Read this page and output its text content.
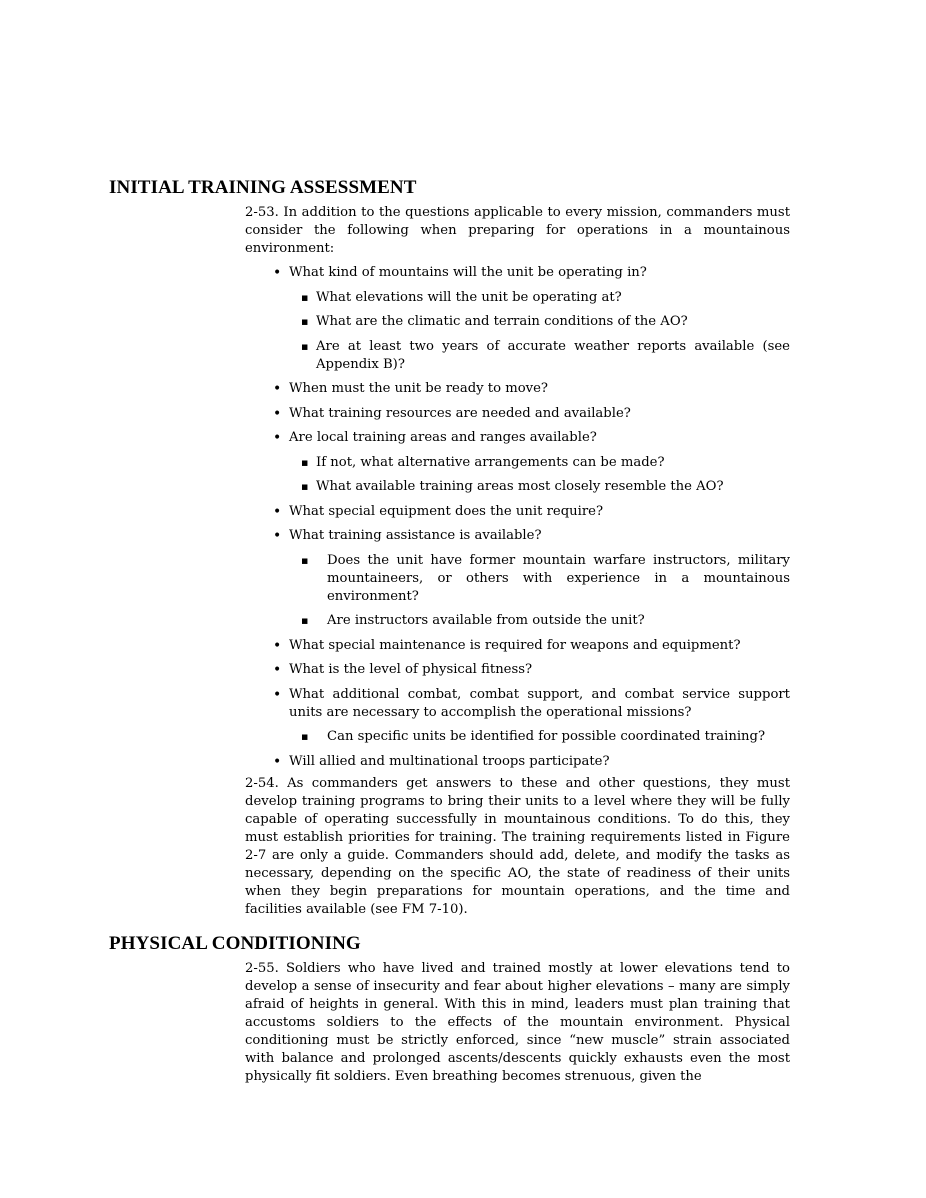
INITIAL TRAINING ASSESSMENT

2-53. In addition to the questions applicable to every mission, commanders must consider the following when preparing for operations in a mountainous environment:

• What kind of mountains will the unit be operating in?
▪ What elevations will the unit be operating at?
▪ What are the climatic and terrain conditions of the AO?
▪ Are at least two years of accurate weather reports available (see Appendix B)?
• When must the unit be ready to move?
• What training resources are needed and available?
• Are local training areas and ranges available?
▪ If not, what alternative arrangements can be made?
▪ What available training areas most closely resemble the AO?
• What special equipment does the unit require?
• What training assistance is available?
▪ Does the unit have former mountain warfare instructors, military mountaineers, or others with experience in a mountainous environment?
▪ Are instructors available from outside the unit?
• What special maintenance is required for weapons and equipment?
• What is the level of physical fitness?
• What additional combat, combat support, and combat service support units are necessary to accomplish the operational missions?
▪ Can specific units be identified for possible coordinated training?
• Will allied and multinational troops participate?

2-54. As commanders get answers to these and other questions, they must develop training programs to bring their units to a level where they will be fully capable of operating successfully in mountainous conditions. To do this, they must establish priorities for training. The training requirements listed in Figure 2-7 are only a guide. Commanders should add, delete, and modify the tasks as necessary, depending on the specific AO, the state of readiness of their units when they begin preparations for mountain operations, and the time and facilities available (see FM 7-10).

PHYSICAL CONDITIONING

2-55. Soldiers who have lived and trained mostly at lower elevations tend to develop a sense of insecurity and fear about higher elevations – many are simply afraid of heights in general. With this in mind, leaders must plan training that accustoms soldiers to the effects of the mountain environment. Physical conditioning must be strictly enforced, since “new muscle” strain associated with balance and prolonged ascents/descents quickly exhausts even the most physically fit soldiers. Even breathing becomes strenuous, given the
